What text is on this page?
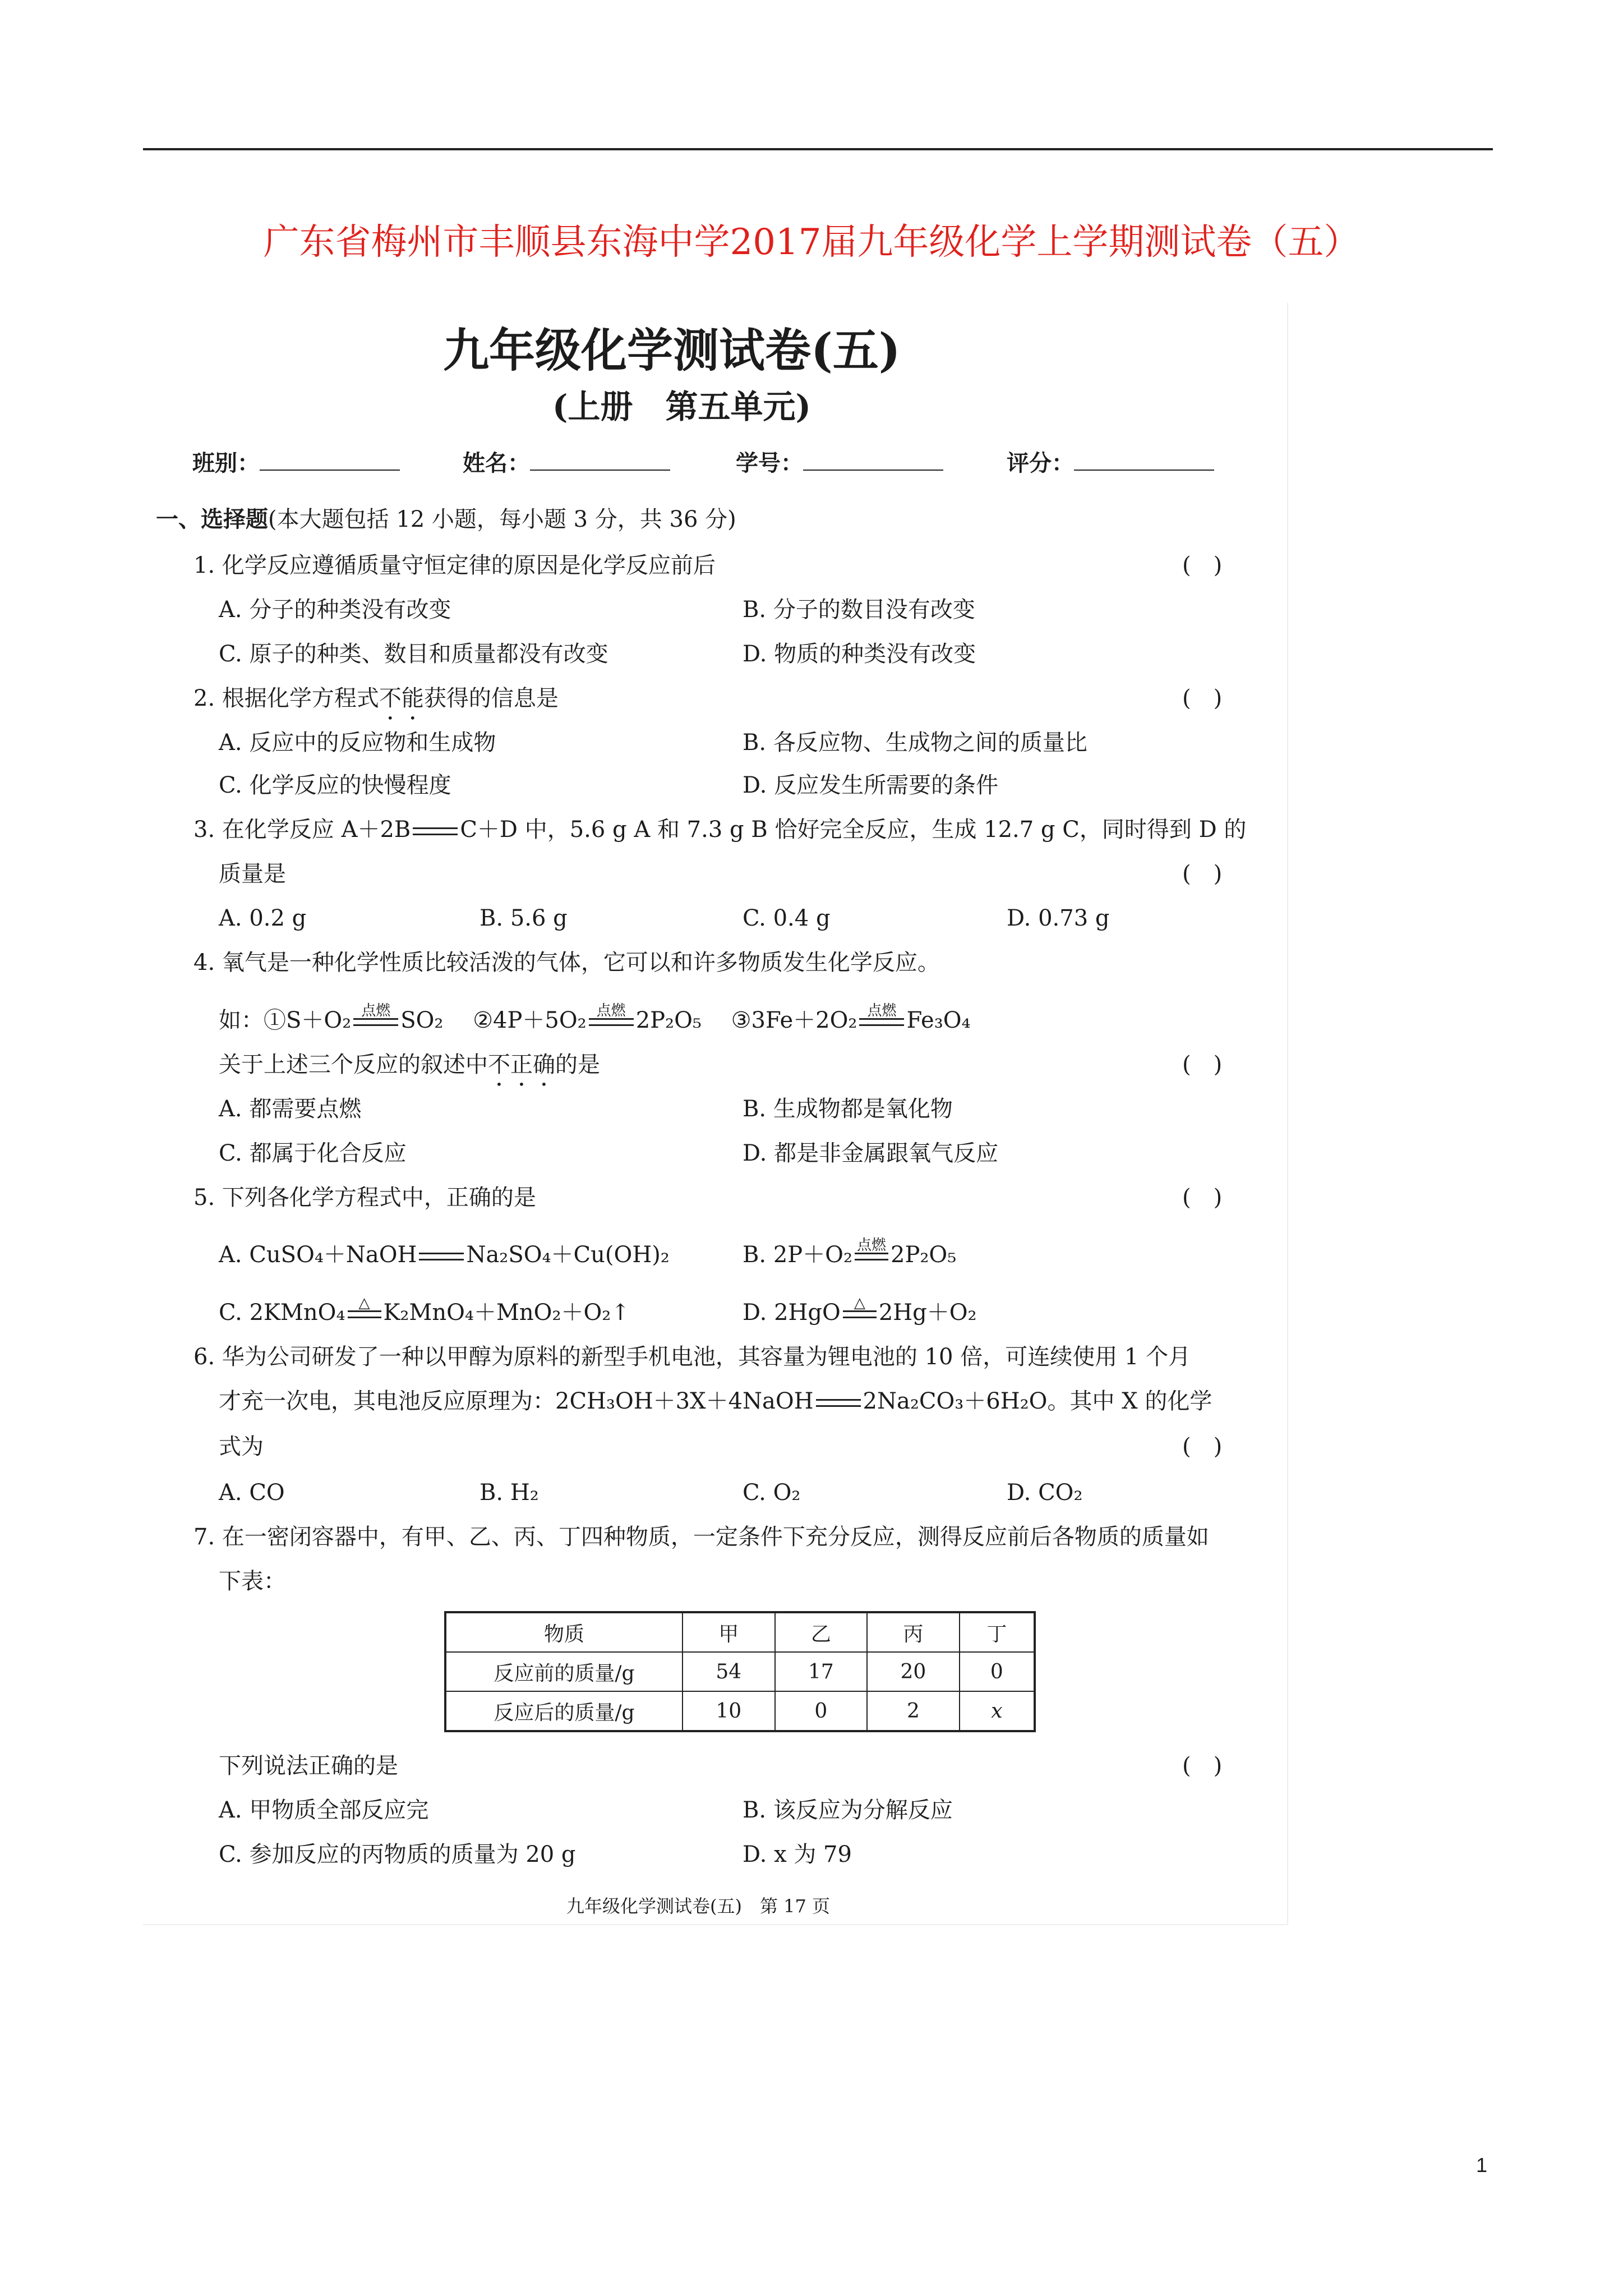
广东省梅州市丰顺县东海中学2017届九年级化学上学期测试卷（五）
九年级化学测试卷(五)
(上册　第五单元)
班别：	姓名：	学号：	评分：
一、选择题(本大题包括 12 小题，每小题 3 分，共 36 分)
1. 化学反应遵循质量守恒定律的原因是化学反应前后	(　)
A. 分子的种类没有改变	B. 分子的数目没有改变
C. 原子的种类、数目和质量都没有改变	D. 物质的种类没有改变
2. 根据化学方程式不能获得的信息是	(　)
A. 反应中的反应物和生成物	B. 各反应物、生成物之间的质量比
C. 化学反应的快慢程度	D. 反应发生所需要的条件
3. 在化学反应 A＋2B C＋D 中，5.6 g A 和 7.3 g B 恰好完全反应，生成 12.7 g C，同时得到 D 的
质量是	(　)
A. 0.2 g	B. 5.6 g	C. 0.4 g	D. 0.73 g
4. 氧气是一种化学性质比较活泼的气体，它可以和许多物质发生化学反应。
如：①S＋O₂ 点燃 SO₂ ②4P＋5O₂ 点燃 2P₂O₅ ③3Fe＋2O₂ 点燃 Fe₃O₄
关于上述三个反应的叙述中不正确的是	(　)
A. 都需要点燃	B. 生成物都是氧化物
C. 都属于化合反应	D. 都是非金属跟氧气反应
5. 下列各化学方程式中，正确的是	(　)
A. CuSO₄＋NaOH Na₂SO₄＋Cu(OH)₂	B. 2P＋O₂ 点燃 2P₂O₅
C. 2KMnO₄ △ K₂MnO₄＋MnO₂＋O₂↑	D. 2HgO △ 2Hg＋O₂
6. 华为公司研发了一种以甲醇为原料的新型手机电池，其容量为锂电池的 10 倍，可连续使用 1 个月
才充一次电，其电池反应原理为：2CH₃OH＋3X＋4NaOH 2Na₂CO₃＋6H₂O。其中 X 的化学
式为	(　)
A. CO	B. H₂	C. O₂	D. CO₂
7. 在一密闭容器中，有甲、乙、丙、丁四种物质，一定条件下充分反应，测得反应前后各物质的质量如
下表：
物质	甲	乙	丙	丁
反应前的质量/g	54	17	20	0
反应后的质量/g	10	0	2	x
下列说法正确的是	(　)
A. 甲物质全部反应完	B. 该反应为分解反应
C. 参加反应的丙物质的质量为 20 g	D. x 为 79
九年级化学测试卷(五)　第 17 页
1
